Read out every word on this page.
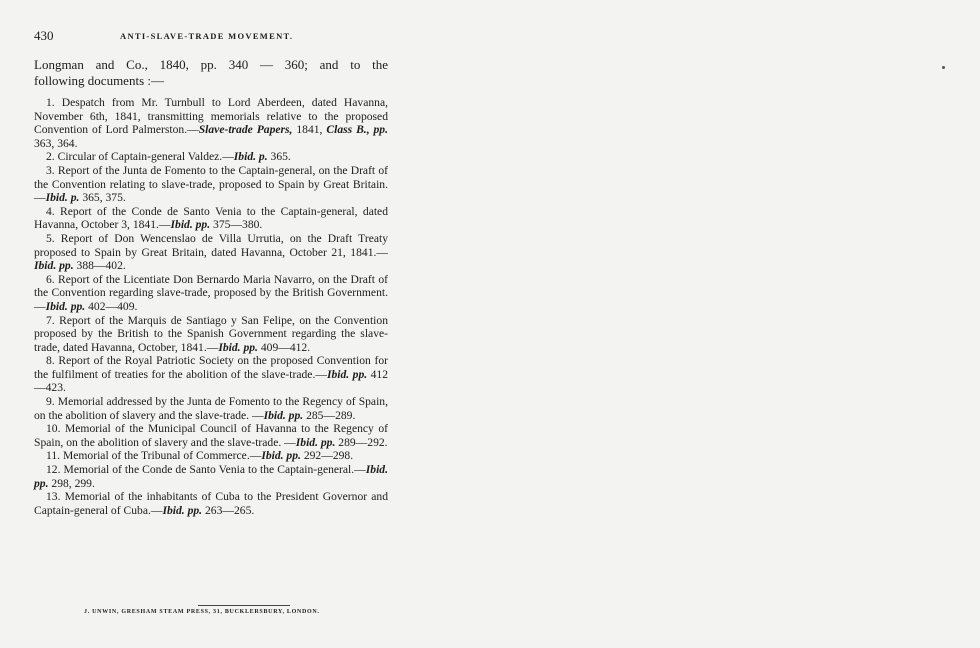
430	ANTI-SLAVE-TRADE MOVEMENT.
Longman and Co., 1840, pp. 340 — 360; and to the
following documents :—

1. Despatch from Mr. Turnbull to Lord Aberdeen, dated Havanna, November 6th, 1841, transmitting memorials relative to the proposed Convention of Lord Palmerston.—Slave-trade Papers, 1841, Class B., pp. 363, 364.

2. Circular of Captain-general Valdez.—Ibid. p. 365.

3. Report of the Junta de Fomento to the Captain-general, on the Draft of the Convention relating to slave-trade, proposed to Spain by Great Britain.—Ibid. p. 365, 375.

4. Report of the Conde de Santo Venia to the Captain-general, dated Havanna, October 3, 1841.—Ibid. pp. 375—380.

5. Report of Don Wencenslao de Villa Urrutia, on the Draft Treaty proposed to Spain by Great Britain, dated Havanna, October 21, 1841.—Ibid. pp. 388—402.

6. Report of the Licentiate Don Bernardo Maria Navarro, on the Draft of the Convention regarding slave-trade, proposed by the British Government.—Ibid. pp. 402—409.

7. Report of the Marquis de Santiago y San Felipe, on the Convention proposed by the British to the Spanish Government regarding the slave-trade, dated Havanna, October, 1841.—Ibid. pp. 409—412.

8. Report of the Royal Patriotic Society on the proposed Convention for the fulfilment of treaties for the abolition of the slave-trade.—Ibid. pp. 412—423.

9. Memorial addressed by the Junta de Fomento to the Regency of Spain, on the abolition of slavery and the slave-trade. —Ibid. pp. 285—289.

10. Memorial of the Municipal Council of Havanna to the Regency of Spain, on the abolition of slavery and the slave-trade. —Ibid. pp. 289—292.

11. Memorial of the Tribunal of Commerce.—Ibid. pp. 292—298.

12. Memorial of the Conde de Santo Venia to the Captain-general.—Ibid. pp. 298, 299.

13. Memorial of the inhabitants of Cuba to the President Governor and Captain-general of Cuba.—Ibid. pp. 263—265.

J. UNWIN, GRESHAM STEAM PRESS, 31, BUCKLERSBURY, LONDON.
